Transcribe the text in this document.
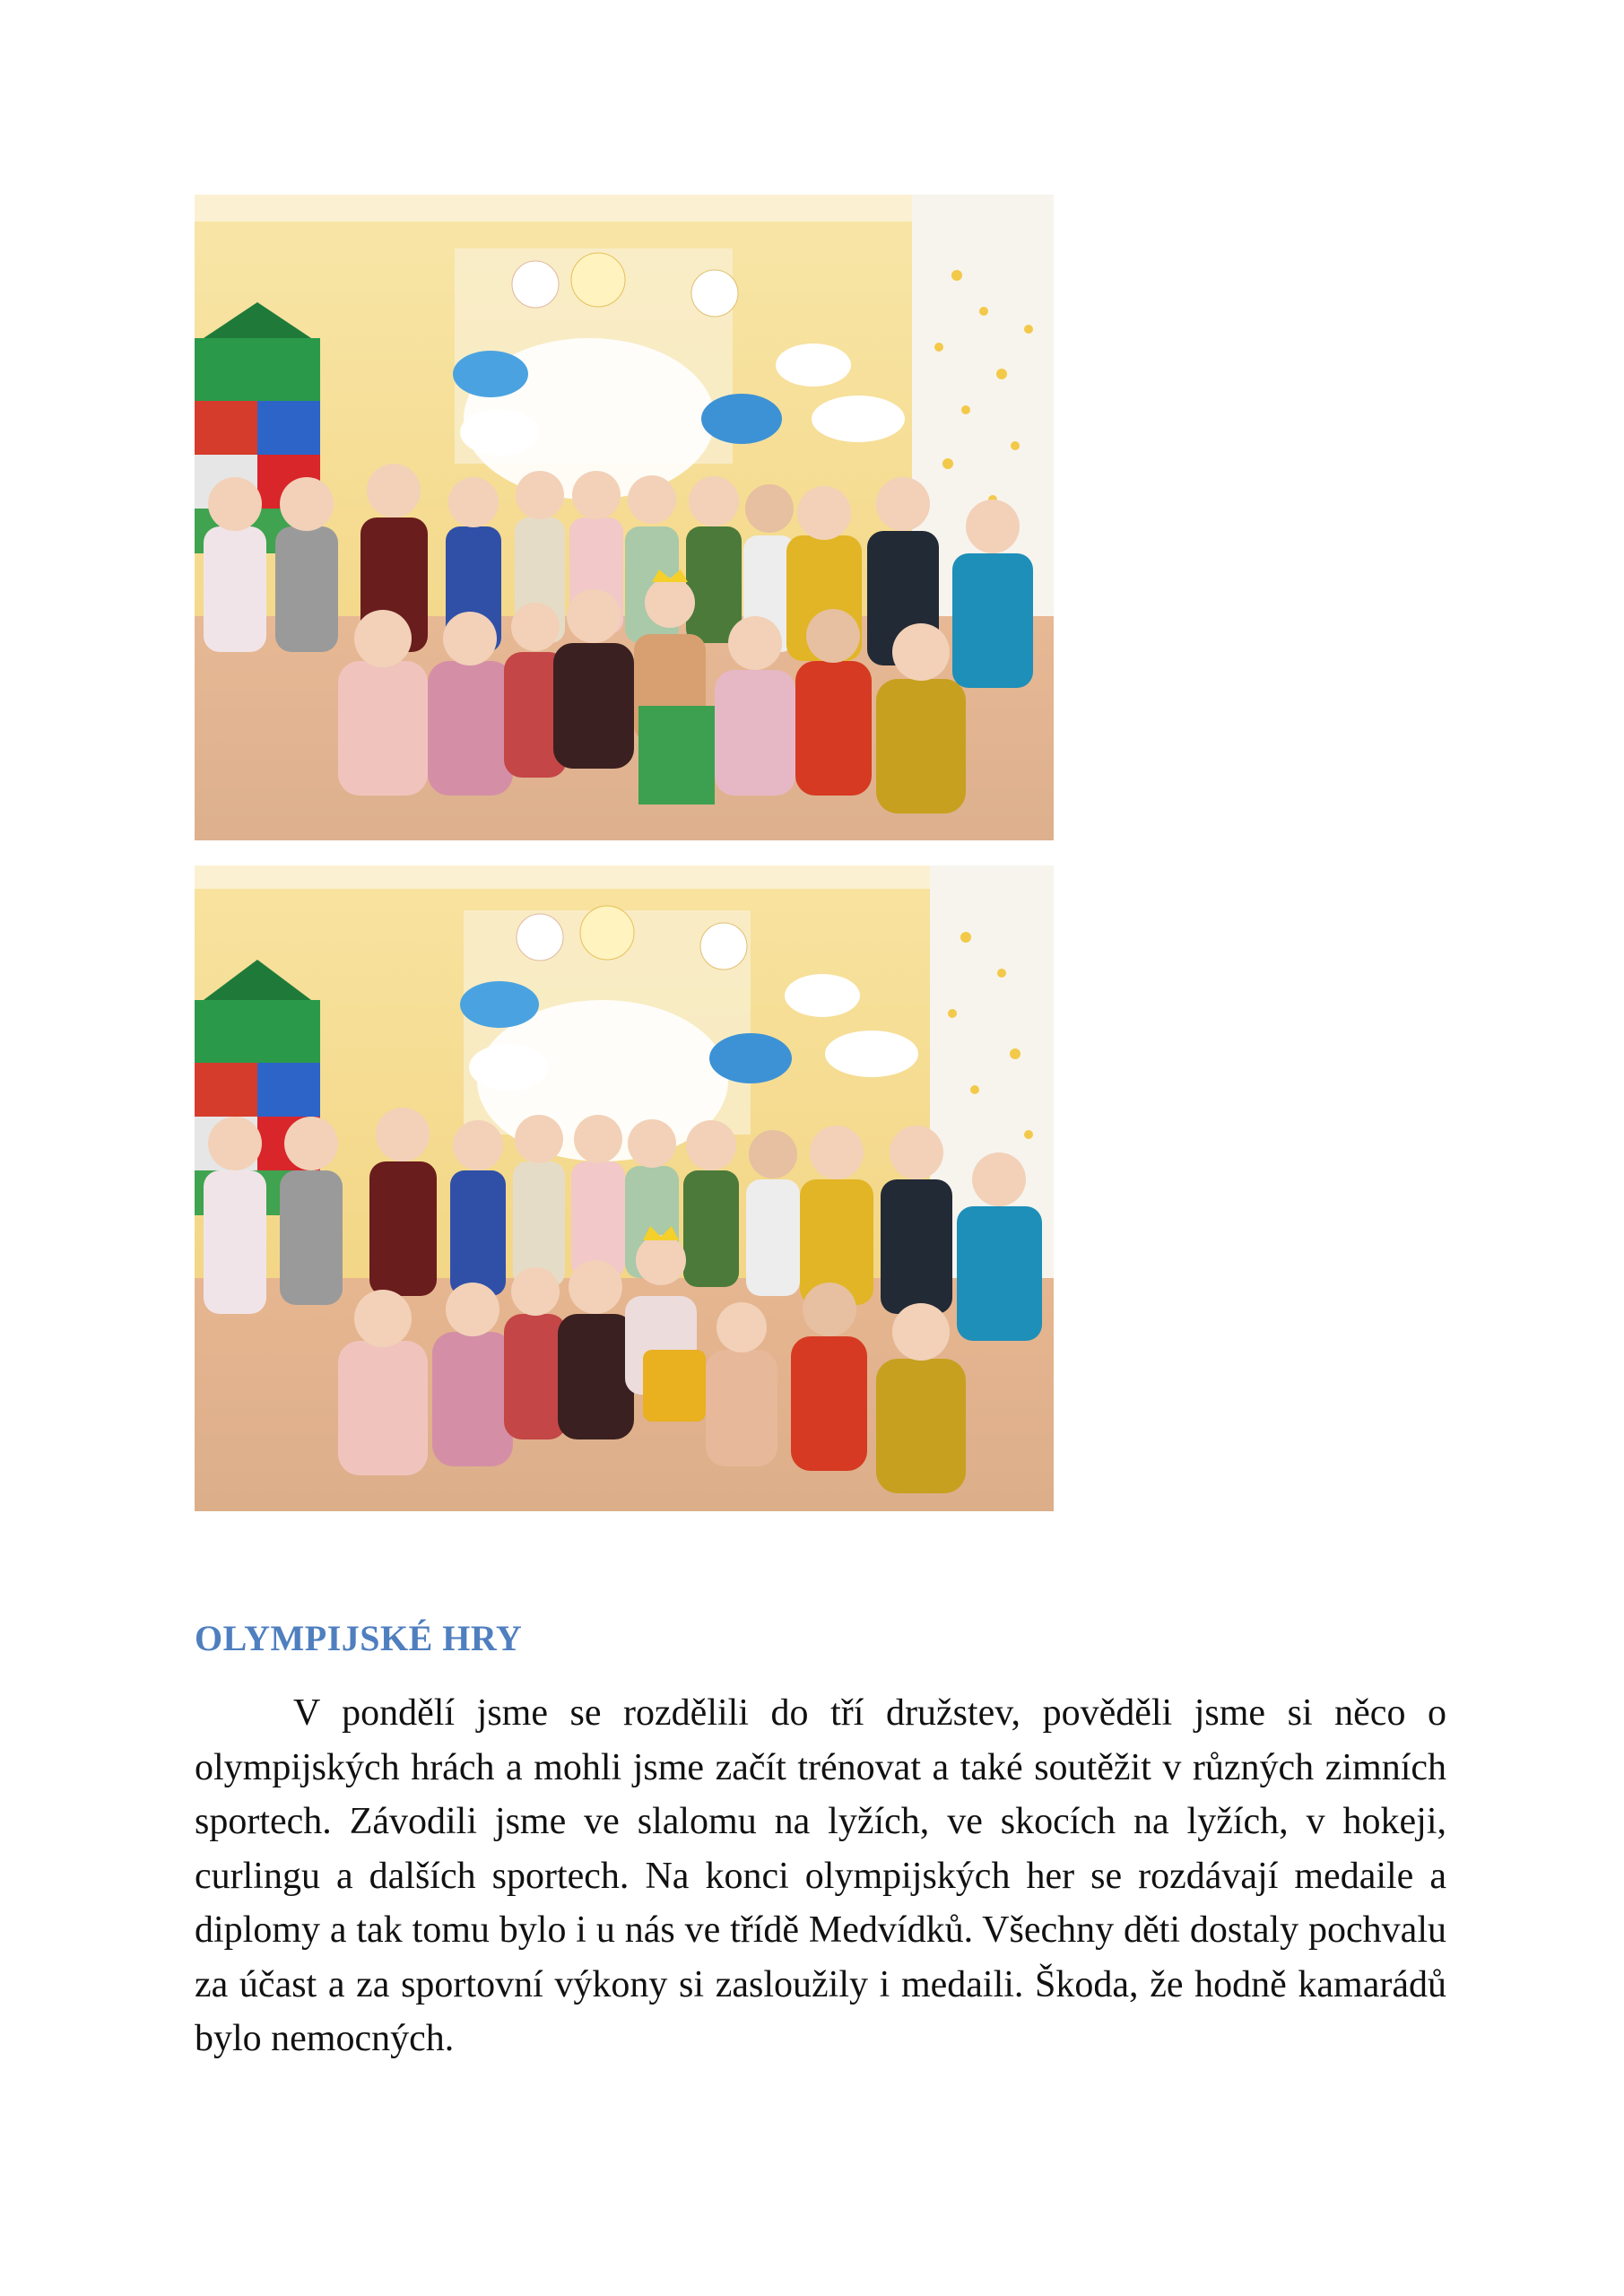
OLYMPIJSKÉ HRY

V pondělí jsme se rozdělili do tří družstev, pověděli jsme si něco o olympijských hrách a mohli jsme začít trénovat a také soutěžit v různých zimních sportech. Závodili jsme ve slalomu na lyžích, ve skocích na lyžích, v hokeji, curlingu a dalších sportech. Na konci olympijských her se rozdávají medaile a diplomy a tak tomu bylo i u nás ve třídě Medvídků. Všechny děti dostaly pochvalu za účast a za sportovní výkony si zasloužily i medaili. Škoda, že hodně kamarádů bylo nemocných.
